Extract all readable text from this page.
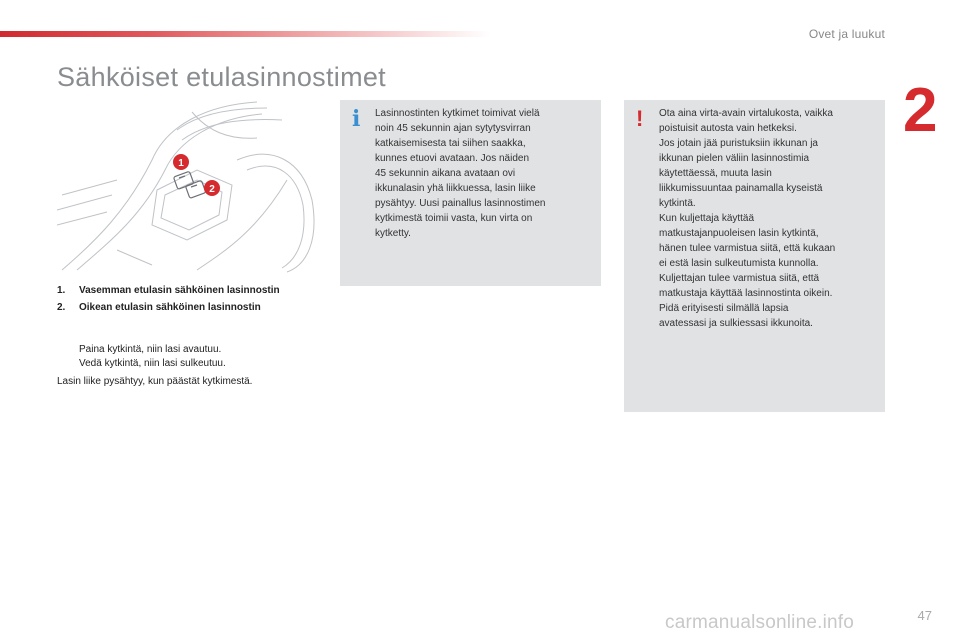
Ovet ja luukut
2
Sähköiset etulasinnostimet
1
2
1.	Vasemman etulasin sähköinen lasinnostin
2.	Oikean etulasin sähköinen lasinnostin
Paina kytkintä, niin lasi avautuu.
Vedä kytkintä, niin lasi sulkeutuu.
Lasin liike pysähtyy, kun päästät kytkimestä.
i Lasinnostinten kytkimet toimivat vielä
noin 45 sekunnin ajan sytytysvirran
katkaisemisesta tai siihen saakka,
kunnes etuovi avataan. Jos näiden
45 sekunnin aikana avataan ovi
ikkunalasin yhä liikkuessa, lasin liike
pysähtyy. Uusi painallus lasinnostimen
kytkimestä toimii vasta, kun virta on
kytketty.
! Ota aina virta-avain virtalukosta, vaikka
poistuisit autosta vain hetkeksi.
Jos jotain jää puristuksiin ikkunan ja
ikkunan pielen väliin lasinnostimia
käytettäessä, muuta lasin
liikkumissuuntaa painamalla kyseistä
kytkintä.
Kun kuljettaja käyttää
matkustajanpuoleisen lasin kytkintä,
hänen tulee varmistua siitä, että kukaan
ei estä lasin sulkeutumista kunnolla.
Kuljettajan tulee varmistua siitä, että
matkustaja käyttää lasinnostinta oikein.
Pidä erityisesti silmällä lapsia
avatessasi ja sulkiessasi ikkunoita.
47
carmanualsonline.info
